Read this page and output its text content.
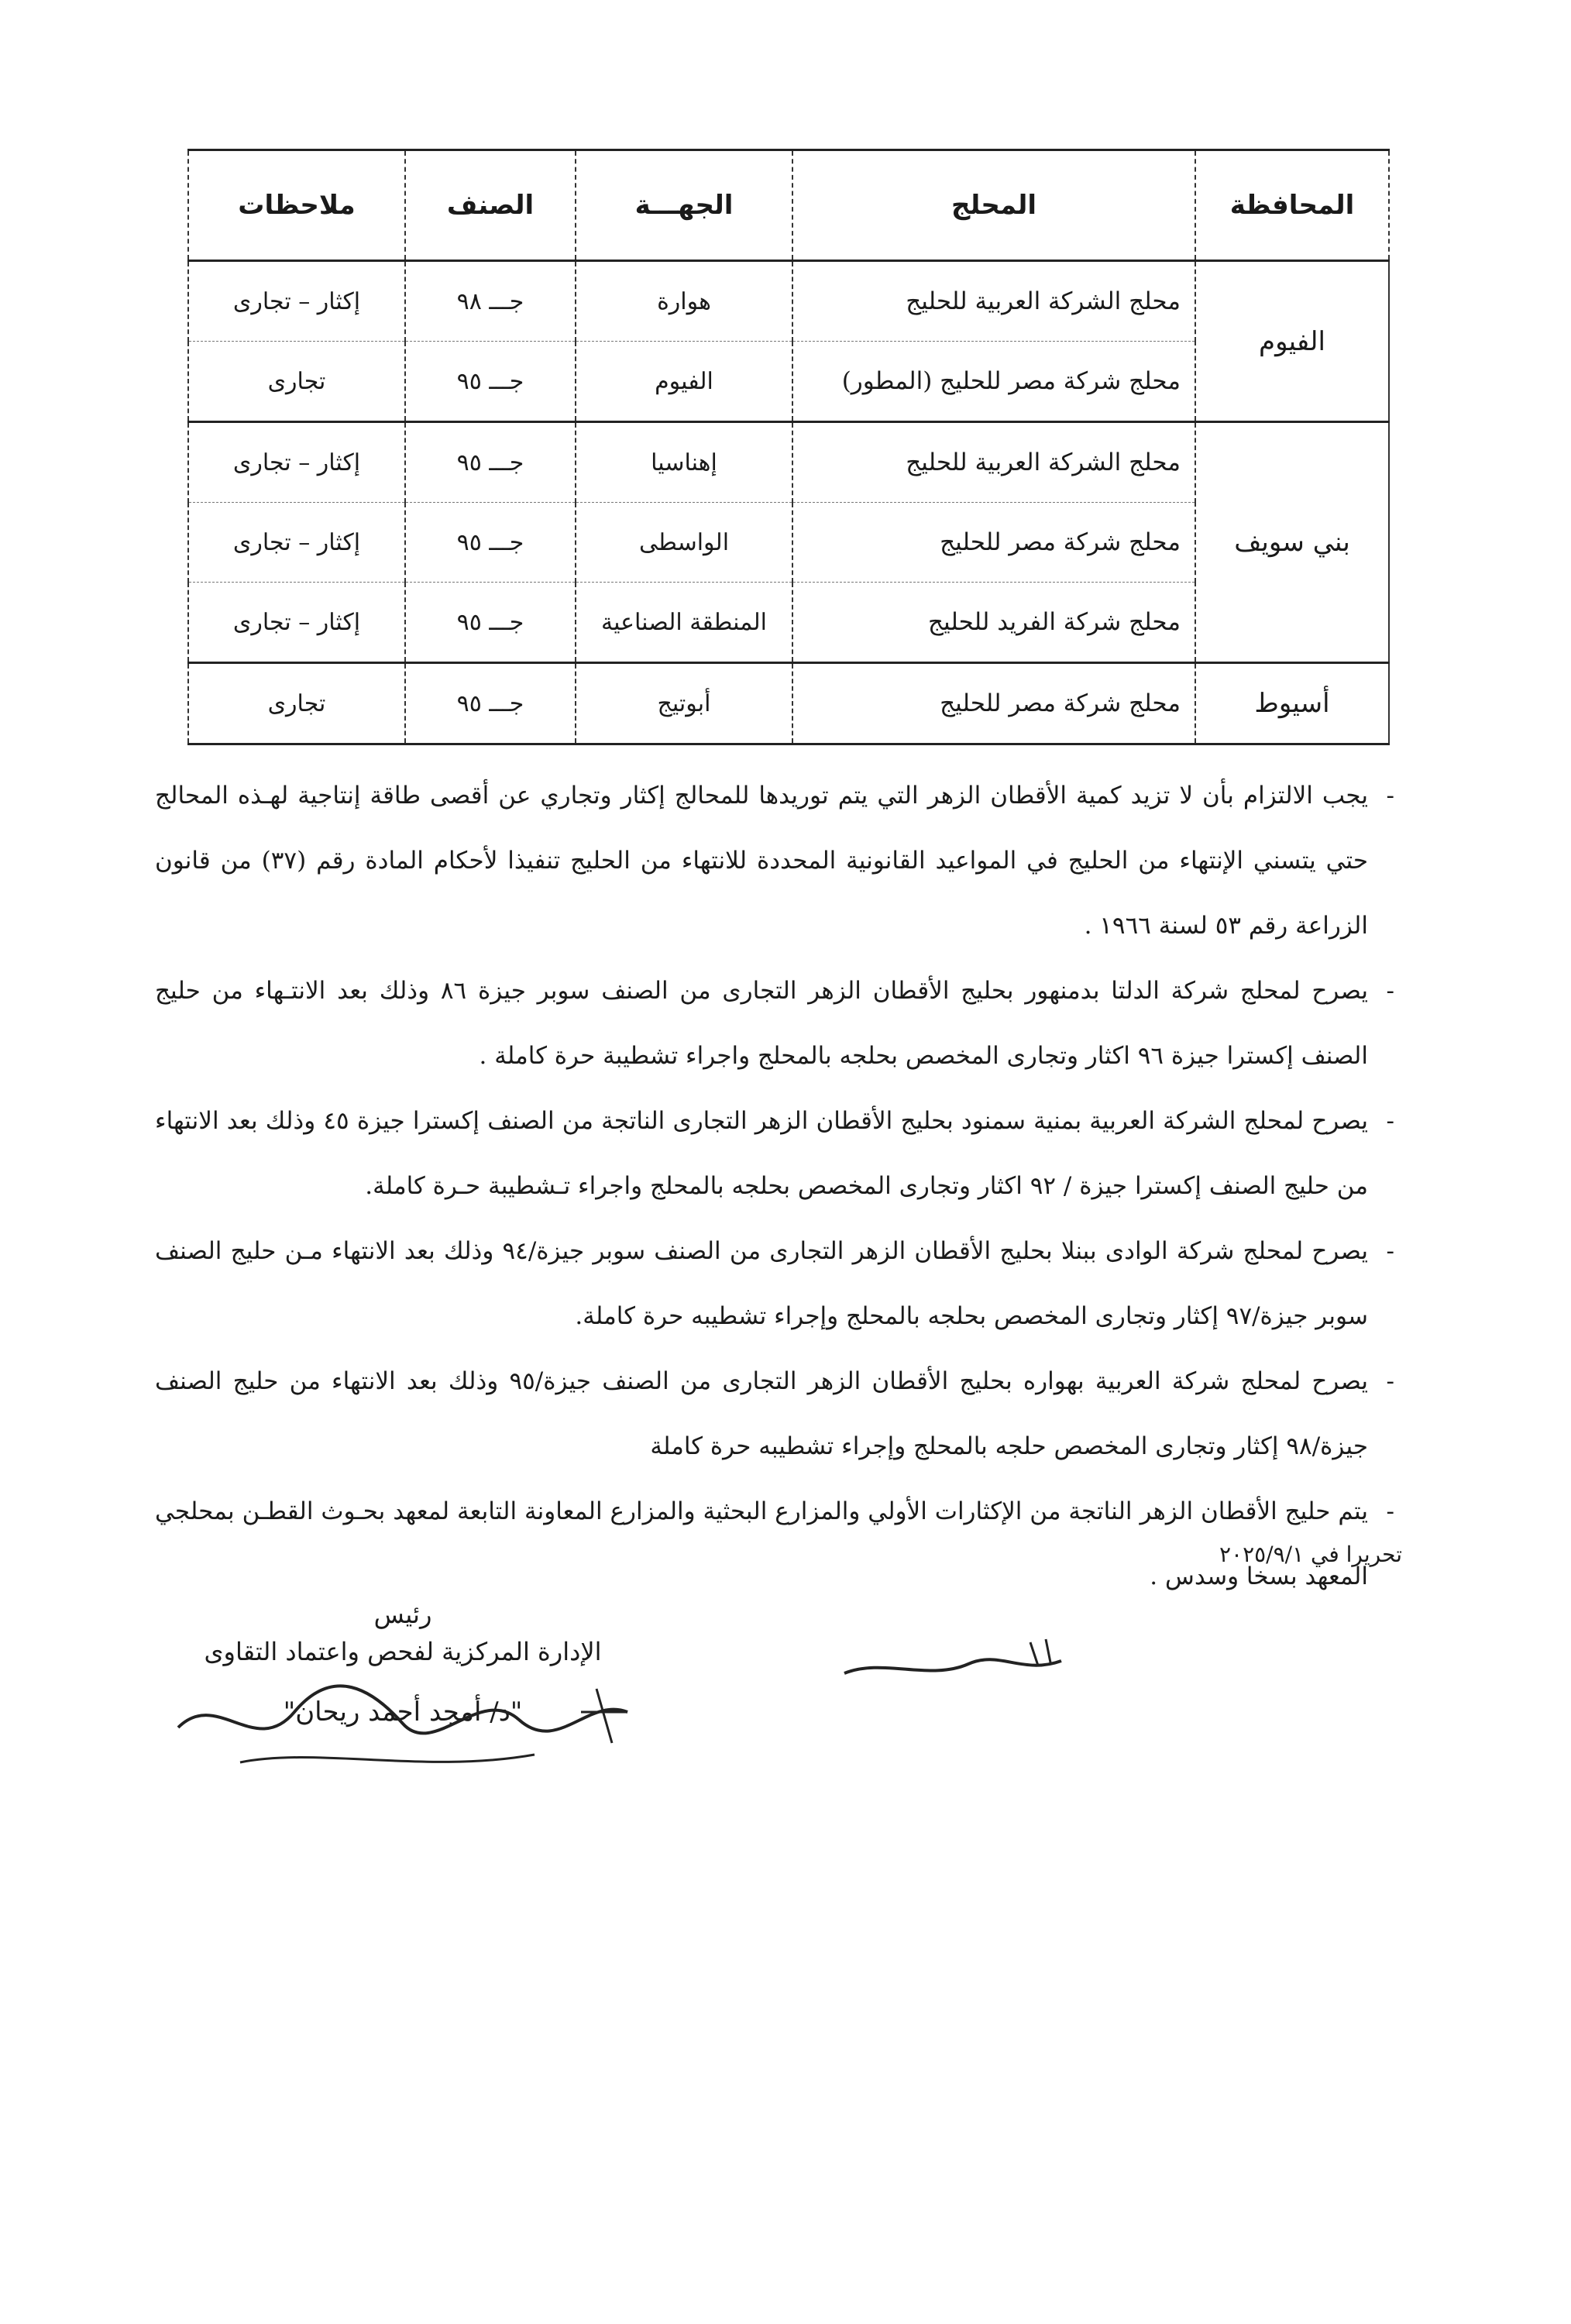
المحافظة	المحلج	الجهـــة	الصنف	ملاحظات
الفيوم	محلج الشركة العربية للحليج	هوارة	جـــ ٩٨	إكثار – تجارى
	محلج شركة مصر للحليج (المطور)	الفيوم	جـــ ٩٥	تجارى
بني سويف	محلج الشركة العربية للحليج	إهناسيا	جـــ ٩٥	إكثار – تجارى
	محلج شركة مصر للحليج	الواسطى	جـــ ٩٥	إكثار – تجارى
	محلج شركة الفريد للحليج	المنطقة الصناعية	جـــ ٩٥	إكثار – تجارى
أسيوط	محلج شركة مصر للحليج	أبوتيج	جـــ ٩٥	تجارى

- يجب الالتزام بأن لا تزيد كمية الأقطان الزهر التي يتم توريدها للمحالج إكثار وتجاري عن أقصى طاقة إنتاجية لهـذه المحالج حتي يتسني الإنتهاء من الحليج في المواعيد القانونية المحددة للانتهاء من الحليج تنفيذا لأحكام المادة رقم (٣٧) من قانون الزراعة رقم ٥٣ لسنة ١٩٦٦ .

- يصرح لمحلج شركة الدلتا بدمنهور بحليج الأقطان الزهر التجارى من الصنف سوبر جيزة ٨٦ وذلك بعد الانتـهاء من حليج الصنف إكسترا جيزة ٩٦ اكثار وتجارى المخصص بحلجه بالمحلج واجراء تشطيبة حرة كاملة .

- يصرح لمحلج الشركة العربية بمنية سمنود بحليج الأقطان الزهر التجارى الناتجة من الصنف إكسترا جيزة ٤٥ وذلك بعد الانتهاء من حليج الصنف إكسترا جيزة / ٩٢ اكثار وتجارى المخصص بحلجه بالمحلج واجراء تـشطيبة حـرة كاملة.

- يصرح لمحلج شركة الوادى ببنلا بحليج الأقطان الزهر التجارى من الصنف سوبر جيزة/٩٤ وذلك بعد الانتهاء مـن حليج الصنف سوبر جيزة/٩٧ إكثار وتجارى المخصص بحلجه بالمحلج وإجراء تشطيبه حرة كاملة.

- يصرح لمحلج شركة العربية بهواره بحليج الأقطان الزهر التجارى من الصنف جيزة/٩٥ وذلك بعد الانتهاء من حليج الصنف جيزة/٩٨ إكثار وتجارى المخصص حلجه بالمحلج وإجراء تشطيبه حرة كاملة

- يتم حليج الأقطان الزهر الناتجة من الإكثارات الأولي والمزارع البحثية والمزارع المعاونة التابعة لمعهد بحـوث القطـن بمحلجي المعهد بسخا وسدس .

تحريرا في ٢٠٢٥/٩/١
رئيس
الإدارة المركزية لفحص واعتماد التقاوى
"د/ أمجد أحمد ريحان"
